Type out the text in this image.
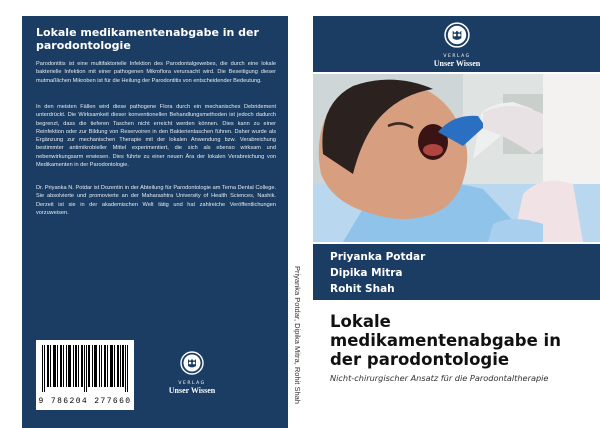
Lokale medikamentenabgabe in der parodontologie

Parodontitis ist eine multifaktorielle Infektion des Parodontalgewebes, die durch eine lokale bakterielle Infektion mit einer pathogenen Mikroflora verursacht wird. Die Beseitigung dieser mutmaßlichen Mikroben ist für die Heilung der Parodontitis von entscheidender Bedeutung.

In den meisten Fällen wird diese pathogene Flora durch ein mechanisches Debridement unterdrückt. Die Wirksamkeit dieser konventionellen Behandlungsmethoden ist jedoch dadurch begrenzt, dass die tieferen Taschen nicht erreicht werden können. Dies kann zu einer Reinfektion oder zur Bildung von Reservoiren in den Bakterientaschen führen. Daher wurde als Ergänzung zur mechanischen Therapie mit der lokalen Anwendung bzw. Verabreichung bestimmter antimikrobieller Mittel experimentiert, die sich als ebenso wirksam und nebenwirkungsarm erwiesen. Dies führte zu einer neuen Ära der lokalen Verabreichung von Medikamenten in der Parodontologie.

Dr. Priyanka N. Potdar ist Dozentin in der Abteilung für Parodontologie am Terna Dental College. Sie absolvierte und promovierte an der Maharashtra University of Health Sciences, Nashik. Derzeit ist sie in der akademischen Welt tätig und hat zahlreiche Veröffentlichungen vorzuweisen.

9 786204 277660
VERLAG
Unser Wissen	Priyanka Potdar, Dipika Mitra, Rohit Shah
VERLAG
Unser Wissen

Priyanka Potdar

Dipika Mitra

Rohit Shah

Lokale medikamentenabgabe in der parodontologie

Nicht-chirurgischer Ansatz für die Parodontaltherapie
